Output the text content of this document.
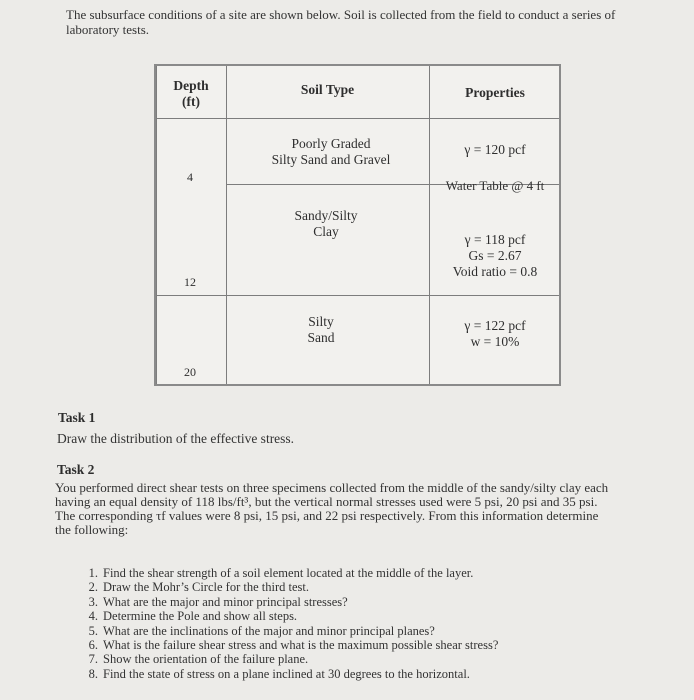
The subsurface conditions of a site are shown below. Soil is collected from the field to conduct a series of laboratory tests.
Depth
(ft)
Soil Type	Properties
4
12
20
Poorly Graded
Silty Sand and Gravel
γ = 120 pcf
Water Table @ 4 ft
Sandy/Silty
Clay
γ = 118 pcf
Gs = 2.67
Void ratio = 0.8
Silty
Sand
γ = 122 pcf
w = 10%
Task 1
Draw the distribution of the effective stress.
Task 2
You performed direct shear tests on three specimens collected from the middle of the sandy/silty clay each
having an equal density of 118 lbs/ft³, but the vertical normal stresses used were 5 psi, 20 psi and 35 psi.
The corresponding τf values were 8 psi, 15 psi, and 22 psi respectively. From this information determine
the following:
1. Find the shear strength of a soil element located at the middle of the layer.
2. Draw the Mohr’s Circle for the third test.
3. What are the major and minor principal stresses?
4. Determine the Pole and show all steps.
5. What are the inclinations of the major and minor principal planes?
6. What is the failure shear stress and what is the maximum possible shear stress?
7. Show the orientation of the failure plane.
8. Find the state of stress on a plane inclined at 30 degrees to the horizontal.
